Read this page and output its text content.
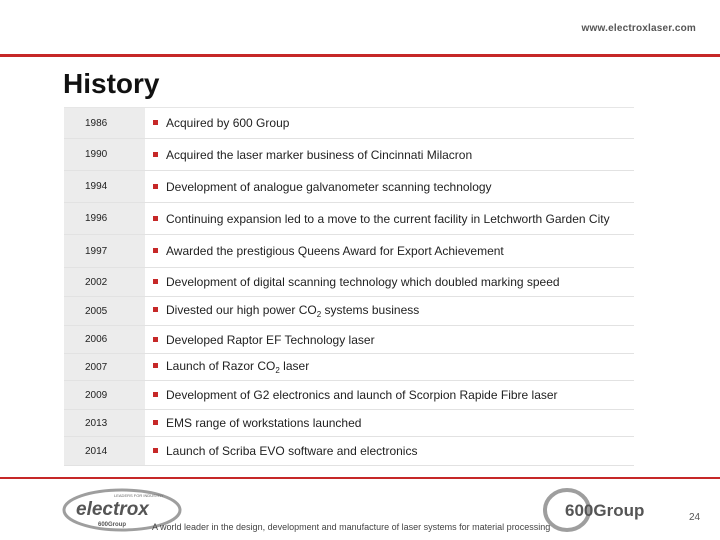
www.electroxlaser.com
History
1986	Acquired by 600 Group
1990	Acquired the laser marker business of Cincinnati Milacron
1994	Development of analogue galvanometer scanning technology
1996	Continuing expansion led to a move to the current facility in Letchworth Garden City
1997	Awarded the prestigious Queens Award for Export Achievement
2002	Development of digital scanning technology which doubled marking speed
2005	Divested our high power $CO_2$ systems business
2006	Developed Raptor EF Technology laser
2007	Launch of Razor $CO_2$ laser
2009	Development of G2 electronics and launch of Scorpion Rapide Fibre laser
2013	EMS range of workstations launched
2014	Launch of Scriba EVO software and electronics
LEADERS FOR INDUSTRY
electrox
600Group
600Group
A world leader in the design, development and manufacture of laser systems for material processing
24
